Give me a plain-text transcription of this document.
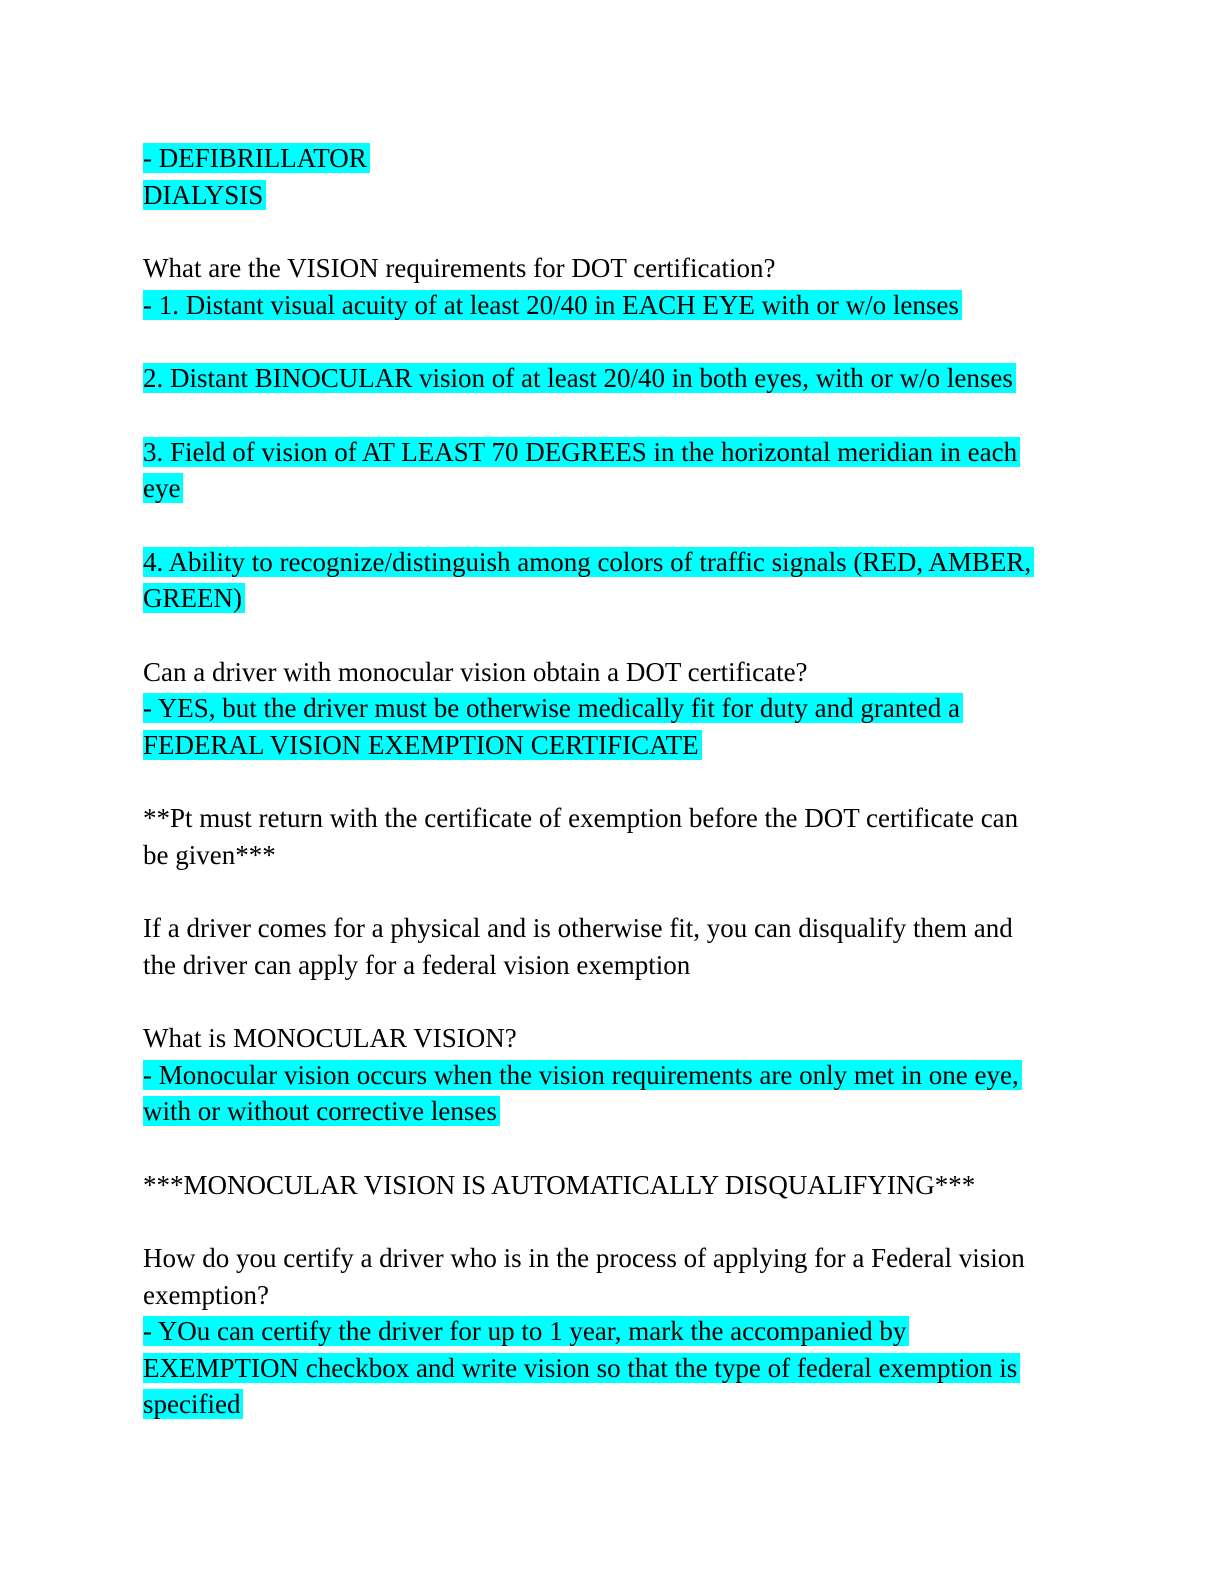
- DEFIBRILLATOR
DIALYSIS
What are the VISION requirements for DOT certification?
- 1. Distant visual acuity of at least 20/40 in EACH EYE with or w/o lenses
2. Distant BINOCULAR vision of at least 20/40 in both eyes, with or w/o lenses
3. Field of vision of AT LEAST 70 DEGREES in the horizontal meridian in each
eye
4. Ability to recognize/distinguish among colors of traffic signals (RED, AMBER,
GREEN)
Can a driver with monocular vision obtain a DOT certificate?
- YES, but the driver must be otherwise medically fit for duty and granted a
FEDERAL VISION EXEMPTION CERTIFICATE
**Pt must return with the certificate of exemption before the DOT certificate can
be given***
If a driver comes for a physical and is otherwise fit, you can disqualify them and
the driver can apply for a federal vision exemption
What is MONOCULAR VISION?
- Monocular vision occurs when the vision requirements are only met in one eye,
with or without corrective lenses
***MONOCULAR VISION IS AUTOMATICALLY DISQUALIFYING***
How do you certify a driver who is in the process of applying for a Federal vision
exemption?
- YOu can certify the driver for up to 1 year, mark the accompanied by
EXEMPTION checkbox and write vision so that the type of federal exemption is
specified
